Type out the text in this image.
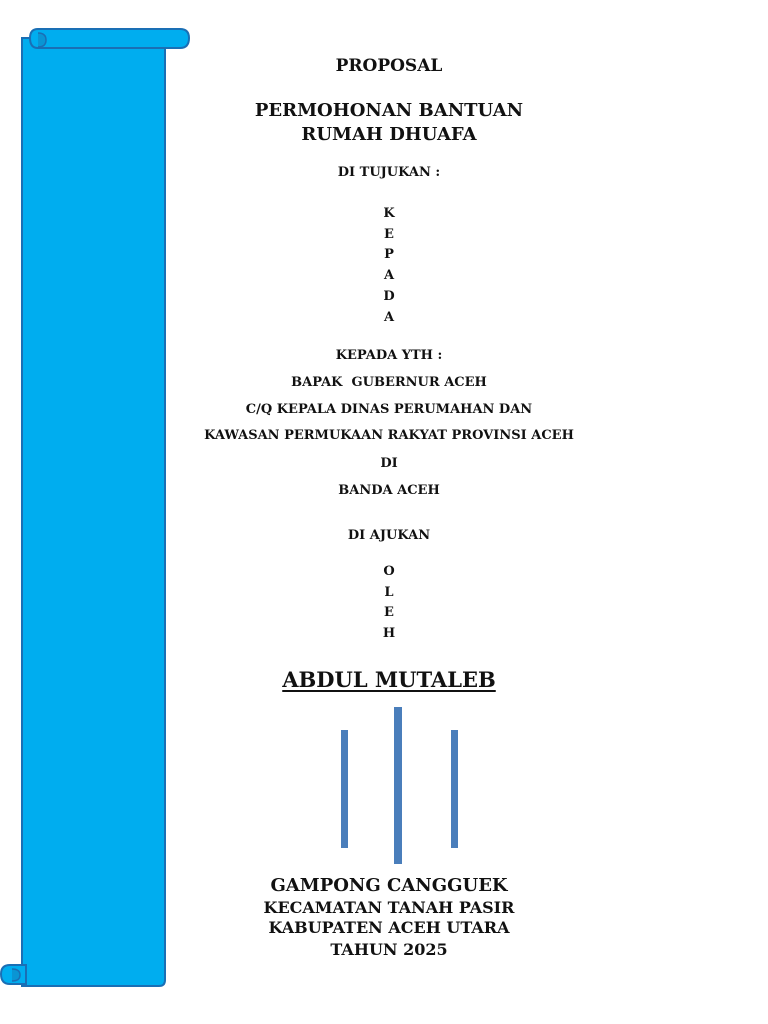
PROPOSAL
PERMOHONAN BANTUAN
RUMAH DHUAFA
DI TUJUKAN :
K
E
P
A
D
A
KEPADA YTH :
BAPAK  GUBERNUR ACEH
C/Q KEPALA DINAS PERUMAHAN DAN
KAWASAN PERMUKAAN RAKYAT PROVINSI ACEH
DI
BANDA ACEH
DI AJUKAN
O
L
E
H
ABDUL MUTALEB
GAMPONG CANGGUEK
KECAMATAN TANAH PASIR
KABUPATEN ACEH UTARA
TAHUN 2025
